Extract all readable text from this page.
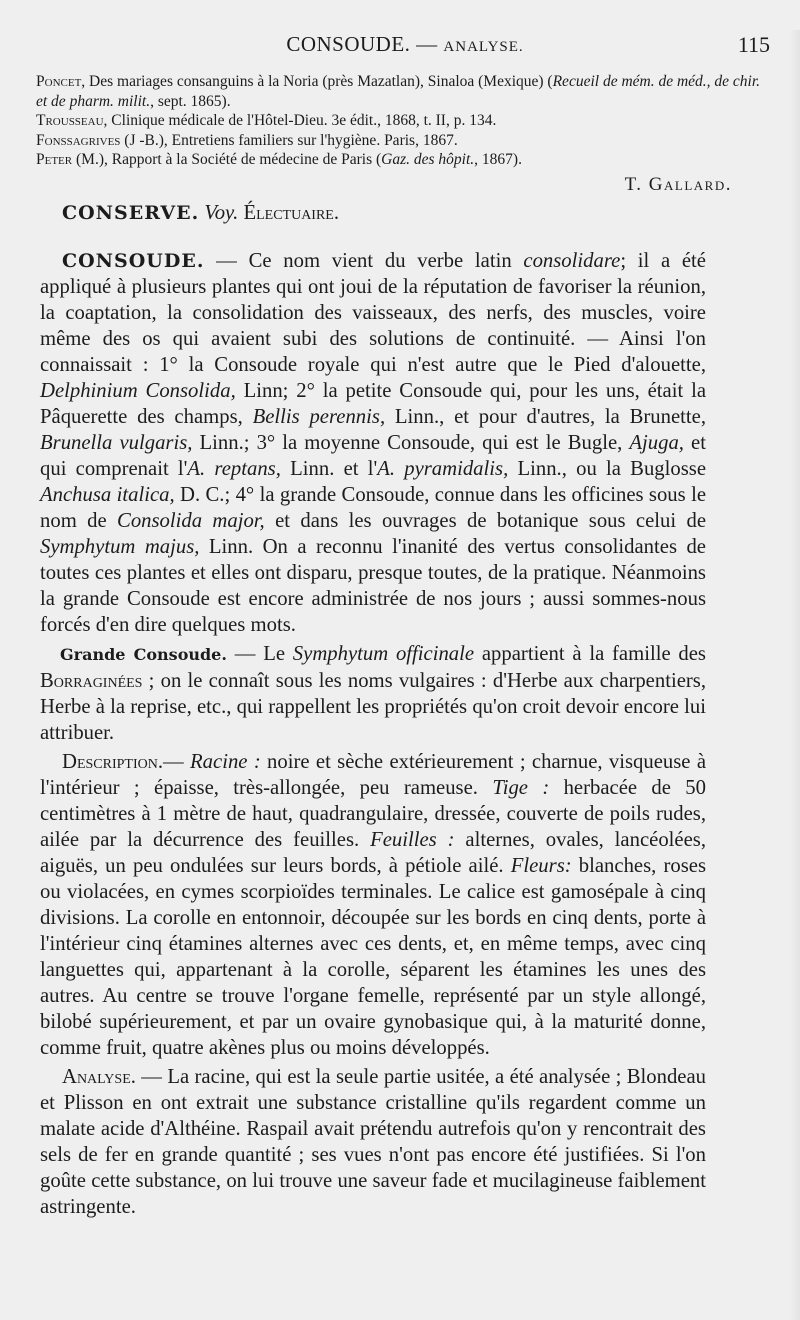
CONSOUDE. — ANALYSE.	115

Poncet, Des mariages consanguins à la Noria (près Mazatlan), Sinaloa (Mexique) (Recueil de mém. de méd., de chir. et de pharm. milit., sept. 1865).

Trousseau, Clinique médicale de l'Hôtel-Dieu. 3e édit., 1868, t. II, p. 134.

Fonssagrives (J -B.), Entretiens familiers sur l'hygiène. Paris, 1867.

Peter (M.), Rapport à la Société de médecine de Paris (Gaz. des hôpit., 1867).

T. Gallard.

CONSERVE. Voy. Électuaire.

CONSOUDE. — Ce nom vient du verbe latin consolidare; il a été appliqué à plusieurs plantes qui ont joui de la réputation de favoriser la réunion, la coaptation, la consolidation des vaisseaux, des nerfs, des muscles, voire même des os qui avaient subi des solutions de continuité. — Ainsi l'on connaissait : 1° la Consoude royale qui n'est autre que le Pied d'alouette, Delphinium Consolida, Linn; 2° la petite Consoude qui, pour les uns, était la Pâquerette des champs, Bellis perennis, Linn., et pour d'autres, la Brunette, Brunella vulgaris, Linn.; 3° la moyenne Consoude, qui est le Bugle, Ajuga, et qui comprenait l'A. reptans, Linn. et l'A. pyramidalis, Linn., ou la Buglosse Anchusa italica, D. C.; 4° la grande Consoude, connue dans les officines sous le nom de Consolida major, et dans les ouvrages de botanique sous celui de Symphytum majus, Linn. On a reconnu l'inanité des vertus consolidantes de toutes ces plantes et elles ont disparu, presque toutes, de la pratique. Néanmoins la grande Consoude est encore administrée de nos jours ; aussi sommes-nous forcés d'en dire quelques mots.

Grande Consoude. — Le Symphytum officinale appartient à la famille des Borraginées ; on le connaît sous les noms vulgaires : d'Herbe aux charpentiers, Herbe à la reprise, etc., qui rappellent les propriétés qu'on croit devoir encore lui attribuer.

Description.— Racine : noire et sèche extérieurement ; charnue, visqueuse à l'intérieur ; épaisse, très-allongée, peu rameuse. Tige : herbacée de 50 centimètres à 1 mètre de haut, quadrangulaire, dressée, couverte de poils rudes, ailée par la décurrence des feuilles. Feuilles : alternes, ovales, lancéolées, aiguës, un peu ondulées sur leurs bords, à pétiole ailé. Fleurs: blanches, roses ou violacées, en cymes scorpioïdes terminales. Le calice est gamosépale à cinq divisions. La corolle en entonnoir, découpée sur les bords en cinq dents, porte à l'intérieur cinq étamines alternes avec ces dents, et, en même temps, avec cinq languettes qui, appartenant à la corolle, séparent les étamines les unes des autres. Au centre se trouve l'organe femelle, représenté par un style allongé, bilobé supérieurement, et par un ovaire gynobasique qui, à la maturité donne, comme fruit, quatre akènes plus ou moins développés.

Analyse. — La racine, qui est la seule partie usitée, a été analysée ; Blondeau et Plisson en ont extrait une substance cristalline qu'ils regardent comme un malate acide d'Althéine. Raspail avait prétendu autrefois qu'on y rencontrait des sels de fer en grande quantité ; ses vues n'ont pas encore été justifiées. Si l'on goûte cette substance, on lui trouve une saveur fade et mucilagineuse faiblement astringente.
